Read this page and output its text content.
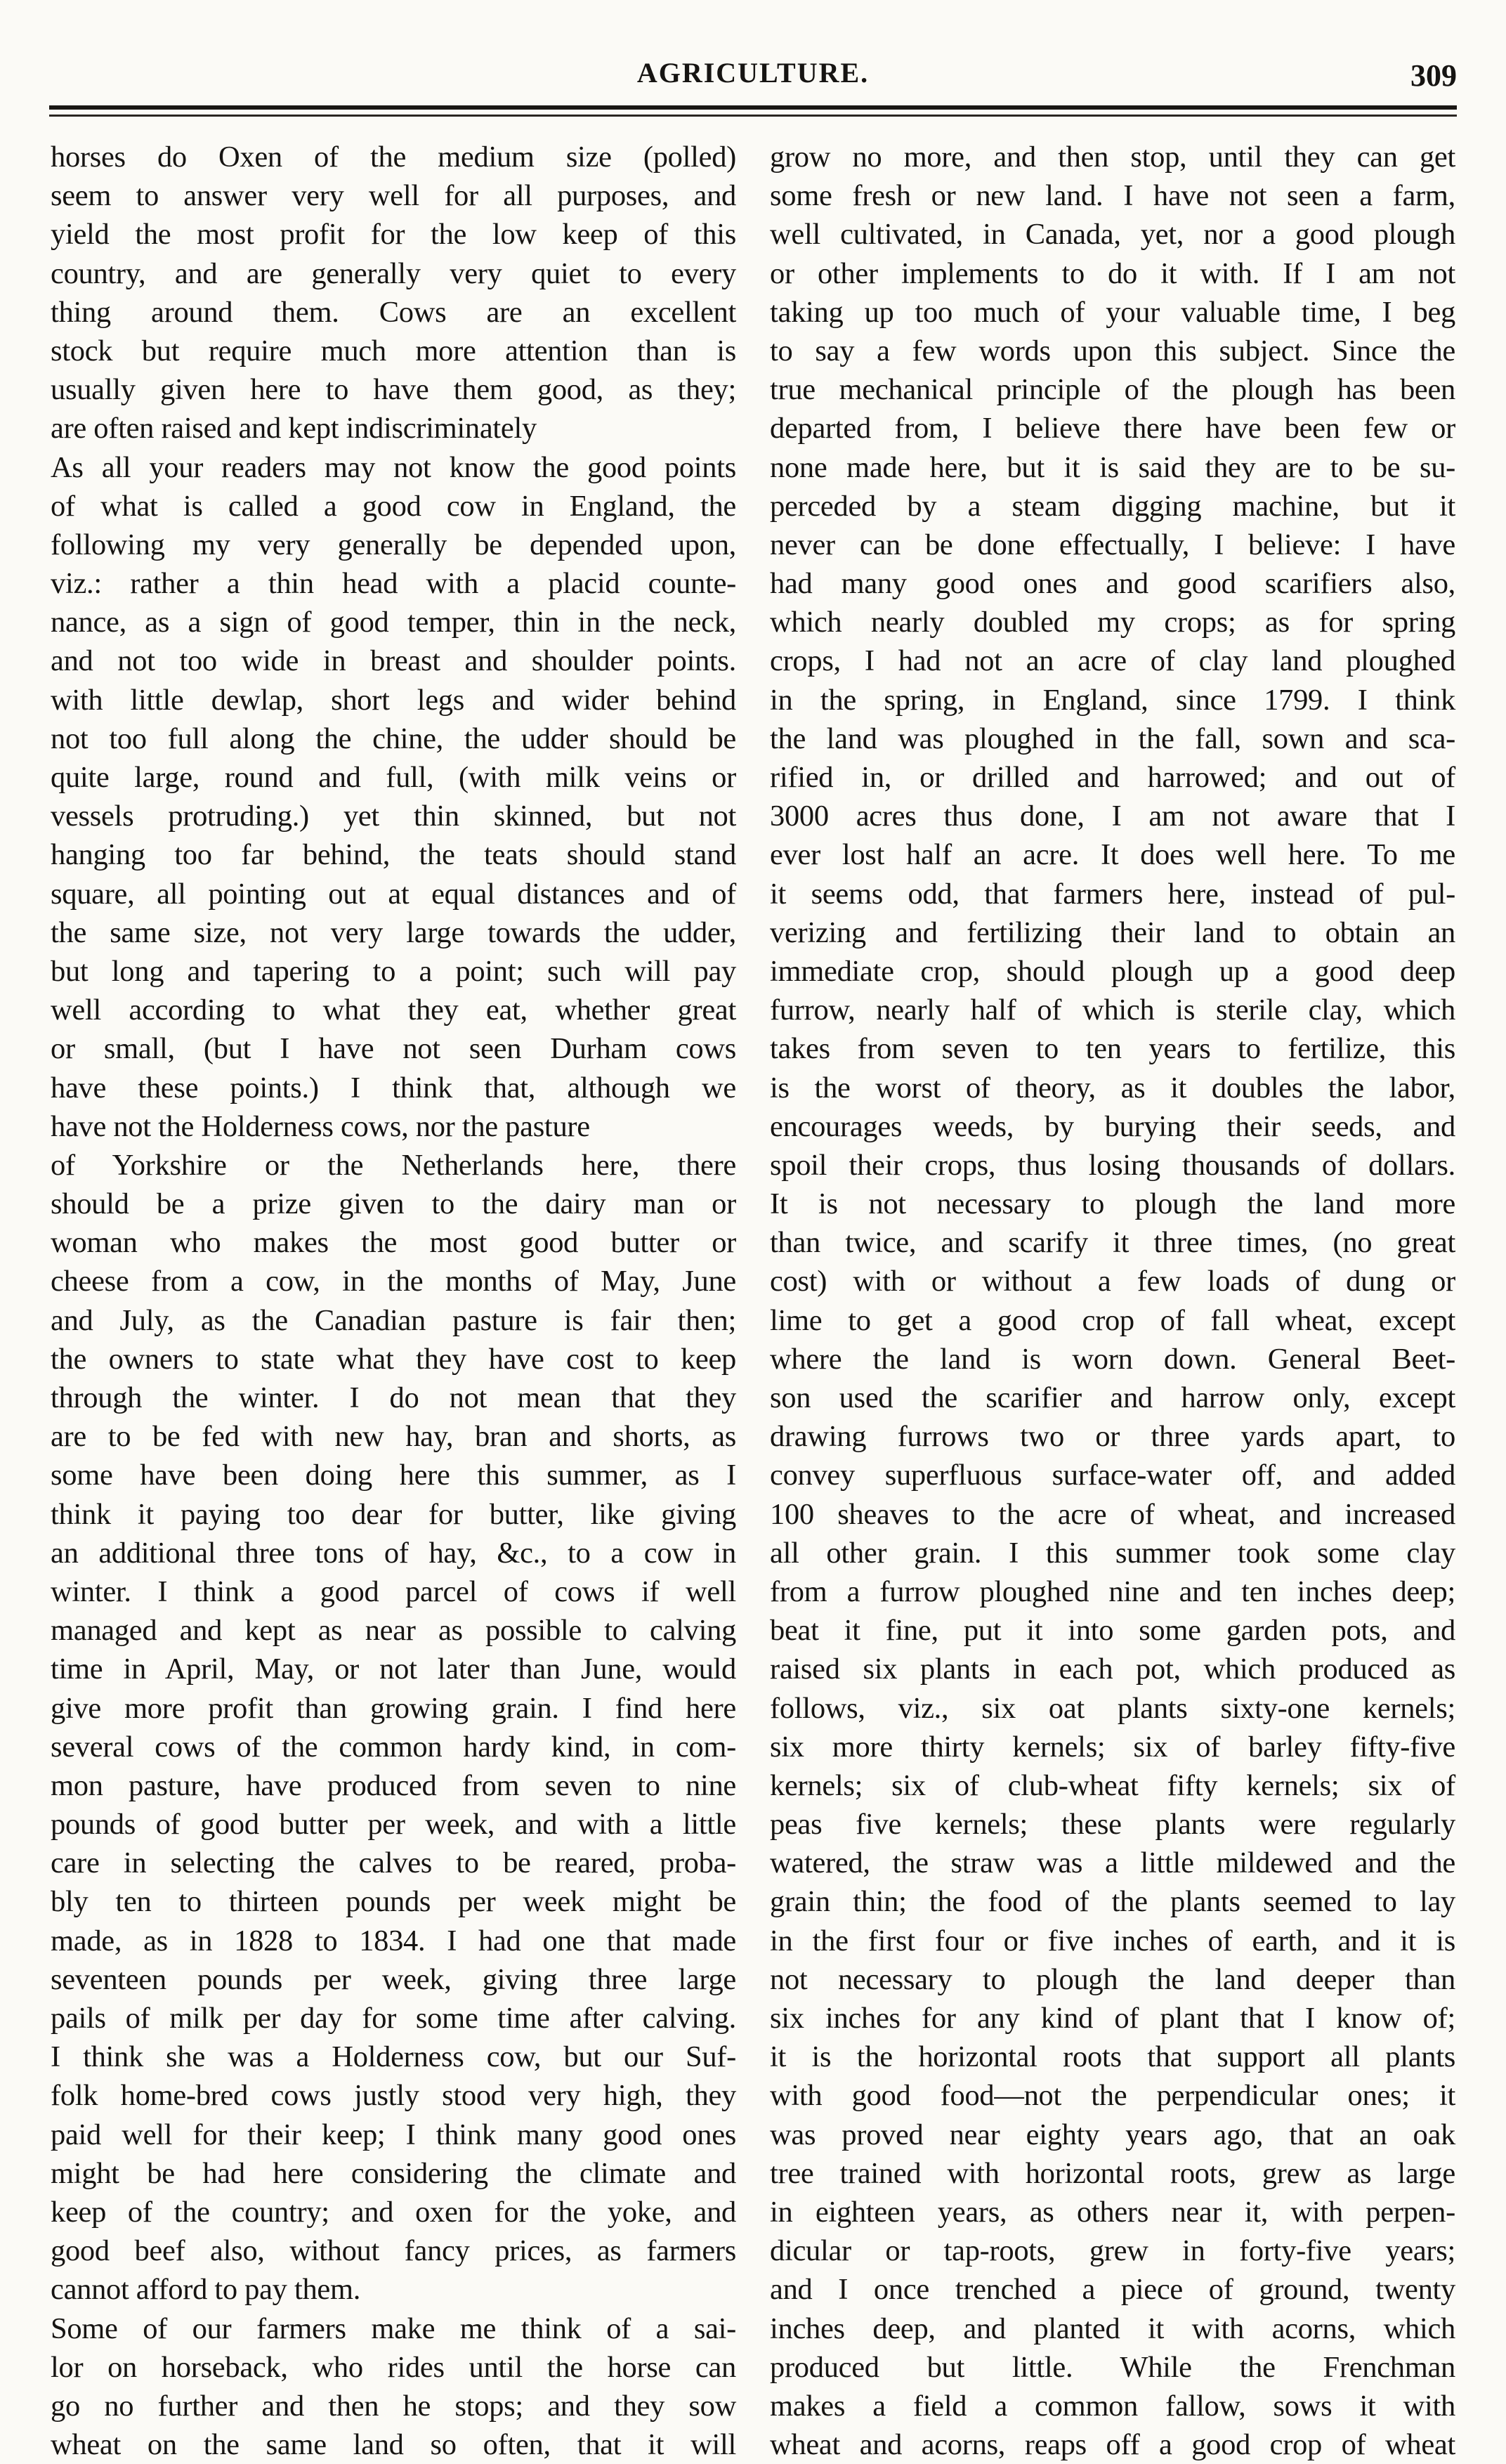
AGRICULTURE.	309
horses do Oxen of the medium size (polled)
seem to answer very well for all purposes, and
yield the most profit for the low keep of this
country, and are generally very quiet to every
thing around them. Cows are an excellent
stock but require much more attention than is
usually given here to have them good, as they;
are often raised and kept indiscriminately
As all your readers may not know the good points
of what is called a good cow in England, the
following my very generally be depended upon,
viz.: rather a thin head with a placid counte-
nance, as a sign of good temper, thin in the neck,
and not too wide in breast and shoulder points.
with little dewlap, short legs and wider behind
not too full along the chine, the udder should be
quite large, round and full, (with milk veins or
vessels protruding.) yet thin skinned, but not
hanging too far behind, the teats should stand
square, all pointing out at equal distances and of
the same size, not very large towards the udder,
but long and tapering to a point; such will pay
well according to what they eat, whether great
or small, (but I have not seen Durham cows
have these points.) I think that, although we
have not the Holderness cows, nor the pasture
of Yorkshire or the Netherlands here, there
should be a prize given to the dairy man or
woman who makes the most good butter or
cheese from a cow, in the months of May, June
and July, as the Canadian pasture is fair then;
the owners to state what they have cost to keep
through the winter. I do not mean that they
are to be fed with new hay, bran and shorts, as
some have been doing here this summer, as I
think it paying too dear for butter, like giving
an additional three tons of hay, &c., to a cow in
winter. I think a good parcel of cows if well
managed and kept as near as possible to calving
time in April, May, or not later than June, would
give more profit than growing grain. I find here
several cows of the common hardy kind, in com-
mon pasture, have produced from seven to nine
pounds of good butter per week, and with a little
care in selecting the calves to be reared, proba-
bly ten to thirteen pounds per week might be
made, as in 1828 to 1834. I had one that made
seventeen pounds per week, giving three large
pails of milk per day for some time after calving.
I think she was a Holderness cow, but our Suf-
folk home-bred cows justly stood very high, they
paid well for their keep; I think many good ones
might be had here considering the climate and
keep of the country; and oxen for the yoke, and
good beef also, without fancy prices, as farmers
cannot afford to pay them.
Some of our farmers make me think of a sai-
lor on horseback, who rides until the horse can
go no further and then he stops; and they sow
wheat on the same land so often, that it will
grow no more, and then stop, until they can get
some fresh or new land. I have not seen a farm,
well cultivated, in Canada, yet, nor a good plough
or other implements to do it with. If I am not
taking up too much of your valuable time, I beg
to say a few words upon this subject. Since the
true mechanical principle of the plough has been
departed from, I believe there have been few or
none made here, but it is said they are to be su-
perceded by a steam digging machine, but it
never can be done effectually, I believe: I have
had many good ones and good scarifiers also,
which nearly doubled my crops; as for spring
crops, I had not an acre of clay land ploughed
in the spring, in England, since 1799. I think
the land was ploughed in the fall, sown and sca-
rified in, or drilled and harrowed; and out of
3000 acres thus done, I am not aware that I
ever lost half an acre. It does well here. To me
it seems odd, that farmers here, instead of pul-
verizing and fertilizing their land to obtain an
immediate crop, should plough up a good deep
furrow, nearly half of which is sterile clay, which
takes from seven to ten years to fertilize, this
is the worst of theory, as it doubles the labor,
encourages weeds, by burying their seeds, and
spoil their crops, thus losing thousands of dollars.
It is not necessary to plough the land more
than twice, and scarify it three times, (no great
cost) with or without a few loads of dung or
lime to get a good crop of fall wheat, except
where the land is worn down. General Beet-
son used the scarifier and harrow only, except
drawing furrows two or three yards apart, to
convey superfluous surface-water off, and added
100 sheaves to the acre of wheat, and increased
all other grain. I this summer took some clay
from a furrow ploughed nine and ten inches deep;
beat it fine, put it into some garden pots, and
raised six plants in each pot, which produced as
follows, viz., six oat plants sixty-one kernels;
six more thirty kernels; six of barley fifty-five
kernels; six of club-wheat fifty kernels; six of
peas five kernels; these plants were regularly
watered, the straw was a little mildewed and the
grain thin; the food of the plants seemed to lay
in the first four or five inches of earth, and it is
not necessary to plough the land deeper than
six inches for any kind of plant that I know of;
it is the horizontal roots that support all plants
with good food—not the perpendicular ones; it
was proved near eighty years ago, that an oak
tree trained with horizontal roots, grew as large
in eighteen years, as others near it, with perpen-
dicular or tap-roots, grew in forty-five years;
and I once trenched a piece of ground, twenty
inches deep, and planted it with acorns, which
produced but little. While the Frenchman
makes a field a common fallow, sows it with
wheat and acorns, reaps off a good crop of wheat
